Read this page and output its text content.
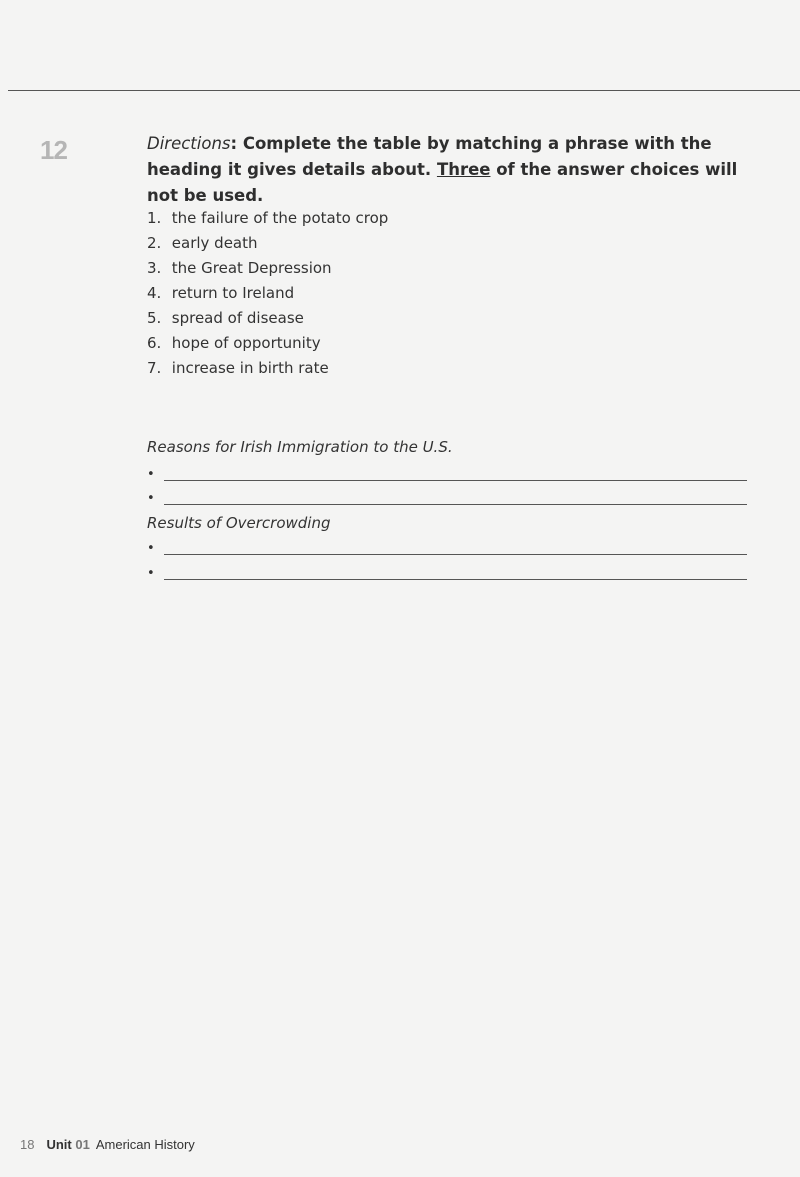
12	Directions: Complete the table by matching a phrase with the heading it gives details about. Three of the answer choices will not be used.
1. the failure of the potato crop
2. early death
3. the Great Depression
4. return to Ireland
5. spread of disease
6. hope of opportunity
7. increase in birth rate
Reasons for Irish Immigration to the U.S.
•
•
Results of Overcrowding
•
•
18 Unit 01 American History
